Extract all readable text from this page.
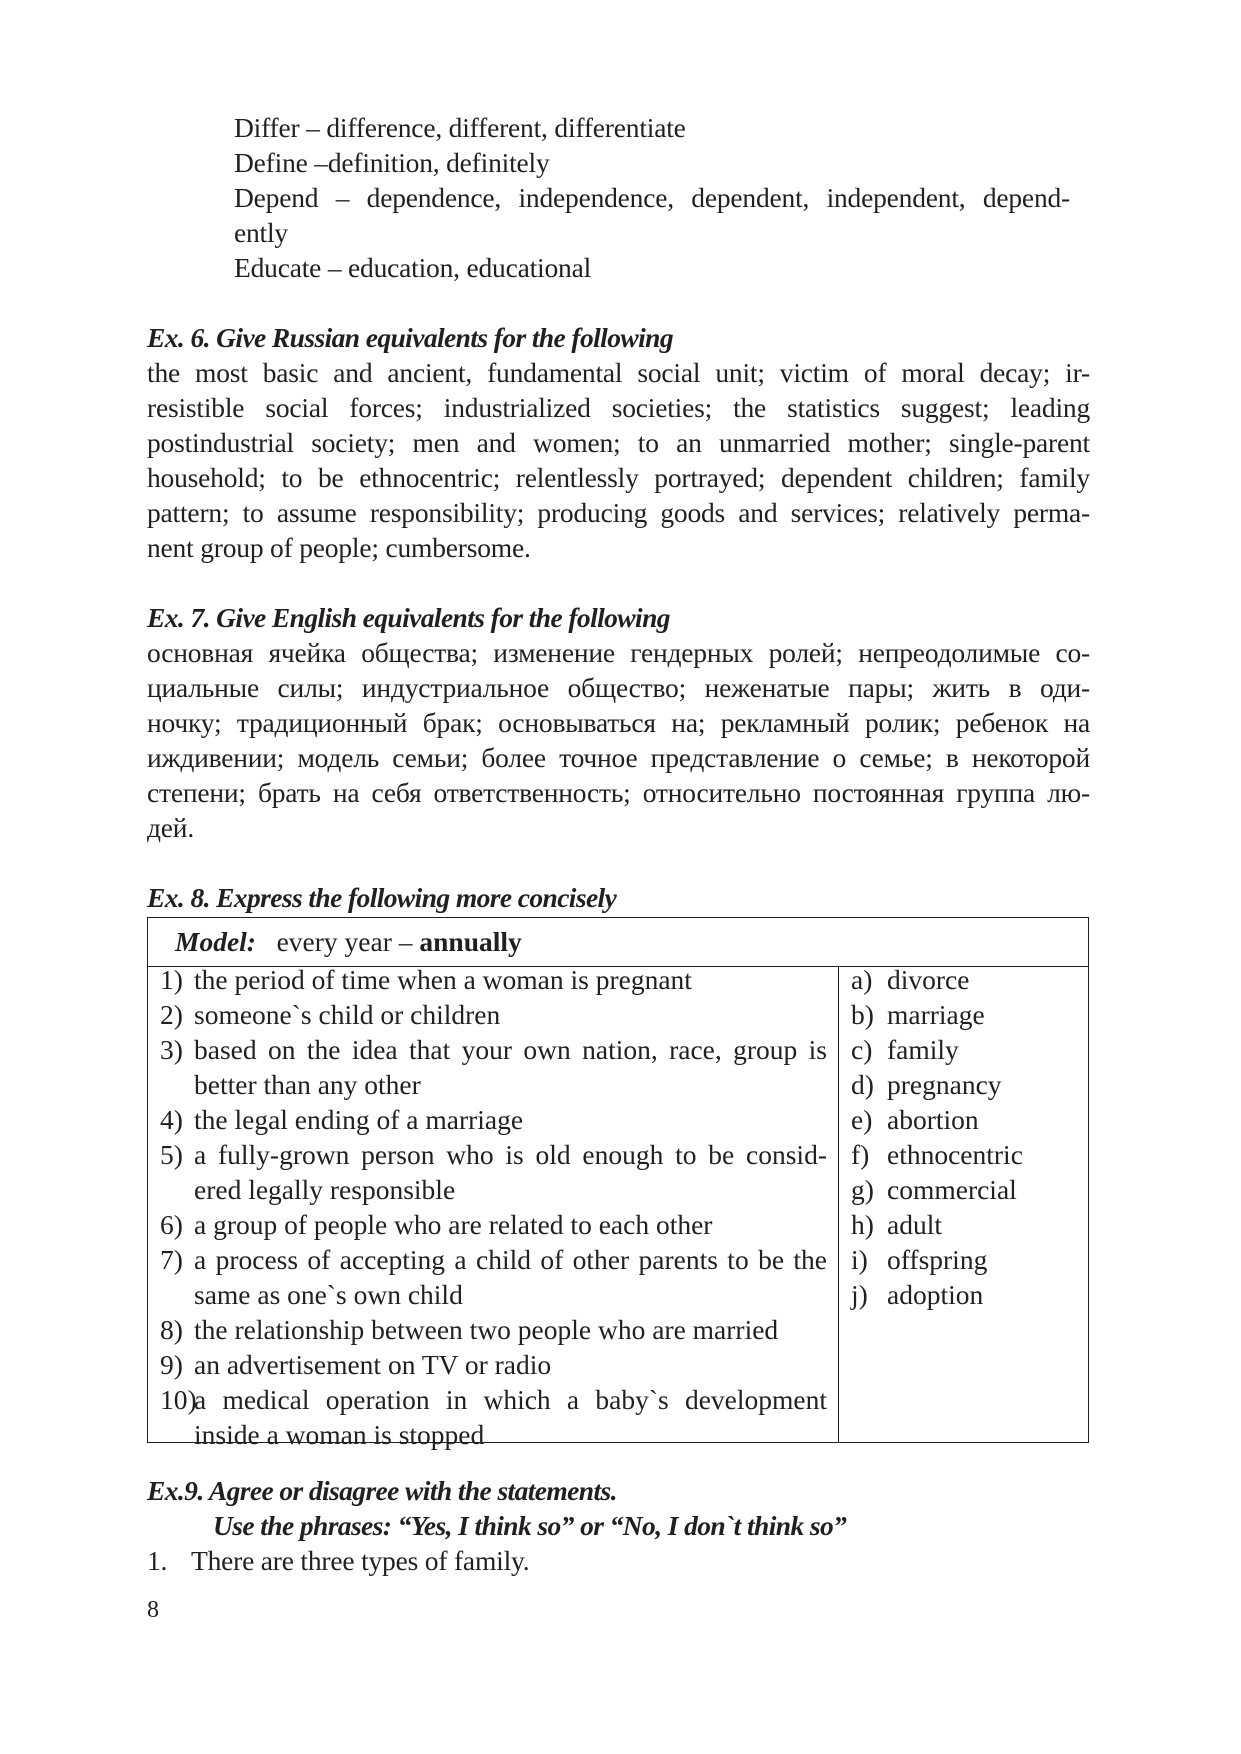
Differ – difference, different, differentiate
Define –definition, definitely
Depend – dependence, independence, dependent, independent, depend-
ently
Educate – education, educational
Ex. 6. Give Russian equivalents for the following
the most basic and ancient, fundamental social unit; victim of moral decay; ir-
resistible social forces; industrialized societies; the statistics suggest; leading
postindustrial society; men and women; to an unmarried mother; single-parent
household; to be ethnocentric; relentlessly portrayed; dependent children; family
pattern; to assume responsibility; producing goods and services; relatively perma-
nent group of people; cumbersome.
Ex. 7. Give English equivalents for the following
основная ячейка общества; изменение гендерных ролей; непреодолимые со-
циальные силы; индустриальное общество; неженатые пары; жить в оди-
ночку; традиционный брак; основываться на; рекламный ролик; ребенок на
иждивении; модель семьи; более точное представление о семье; в некоторой
степени; брать на себя ответственность; относительно постоянная группа лю-
дей.
Ex. 8. Express the following more concisely
Model: every year – annually
1) the period of time when a woman is pregnant
2) someone`s child or children
3) based on the idea that your own nation, race, group is
better than any other
4) the legal ending of a marriage
5) a fully-grown person who is old enough to be consid-
ered legally responsible
6) a group of people who are related to each other
7) a process of accepting a child of other parents to be the
same as one`s own child
8) the relationship between two people who are married
9) an advertisement on TV or radio
10)
a medical operation in which a baby`s development
inside a woman is stopped
a) divorce
b) marriage
c) family
d) pregnancy
e) abortion
f) ethnocentric
g) commercial
h) adult
i) offspring
j) adoption
Ex.9. Agree or disagree with the statements.
Use the phrases: “Yes, I think so” or “No, I don`t think so”
1. There are three types of family.
8
